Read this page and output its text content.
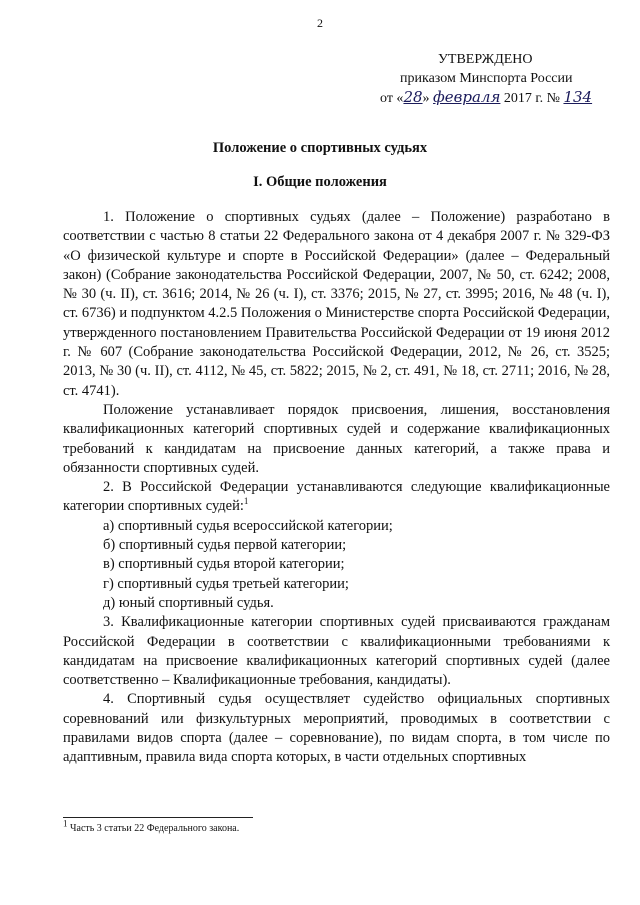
2
УТВЕРЖДЕНО
приказом Минспорта России
от «28» февраля 2017 г. № 134
Положение о спортивных судьях
I. Общие положения

1. Положение о спортивных судьях (далее – Положение) разработано в соответствии с частью 8 статьи 22 Федерального закона от 4 декабря 2007 г. № 329-ФЗ «О физической культуре и спорте в Российской Федерации» (далее – Федеральный закон) (Собрание законодательства Российской Федерации, 2007, № 50, ст. 6242; 2008, № 30 (ч. II), ст. 3616; 2014, № 26 (ч. I), ст. 3376; 2015, № 27, ст. 3995; 2016, № 48 (ч. I), ст. 6736) и подпунктом 4.2.5 Положения о Министерстве спорта Российской Федерации, утвержденного постановлением Правительства Российской Федерации от 19 июня 2012 г. № 607 (Собрание законодательства Российской Федерации, 2012, № 26, ст. 3525; 2013, № 30 (ч. II), ст. 4112, № 45, ст. 5822; 2015, № 2, ст. 491, № 18, ст. 2711; 2016, № 28, ст. 4741).

Положение устанавливает порядок присвоения, лишения, восстановления квалификационных категорий спортивных судей и содержание квалификационных требований к кандидатам на присвоение данных категорий, а также права и обязанности спортивных судей.

2. В Российской Федерации устанавливаются следующие квалификационные категории спортивных судей:$^1$

а) спортивный судья всероссийской категории;

б) спортивный судья первой категории;

в) спортивный судья второй категории;

г) спортивный судья третьей категории;

д) юный спортивный судья.

3. Квалификационные категории спортивных судей присваиваются гражданам Российской Федерации в соответствии с квалификационными требованиями к кандидатам на присвоение квалификационных категорий спортивных судей (далее соответственно – Квалификационные требования, кандидаты).

4. Спортивный судья осуществляет судейство официальных спортивных соревнований или физкультурных мероприятий, проводимых в соответствии с правилами видов спорта (далее – соревнование), по видам спорта, в том числе по адаптивным, правила вида спорта которых, в части отдельных спортивных

$^1$ Часть 3 статьи 22 Федерального закона.
